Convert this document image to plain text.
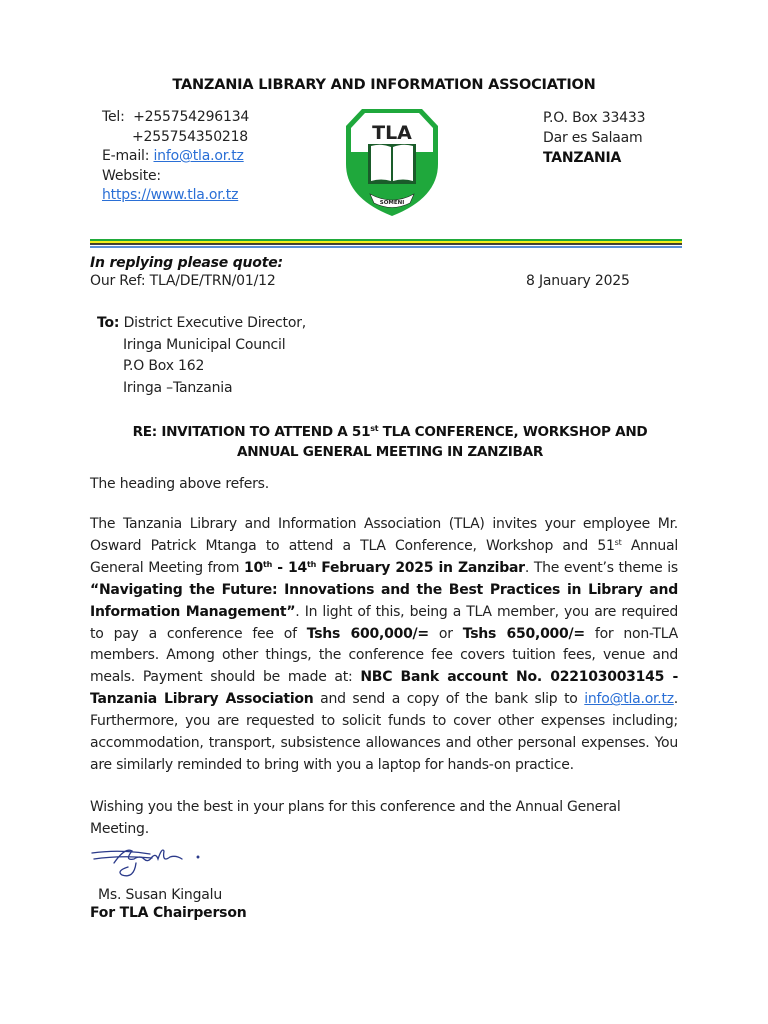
TANZANIA LIBRARY AND INFORMATION ASSOCIATION
Tel: +255754296134
+255754350218
E-mail: info@tla.or.tz
Website:
https://www.tla.or.tz
TLA
SOMENI
P.O. Box 33433
Dar es Salaam
TANZANIA
In replying please quote:
Our Ref: TLA/DE/TRN/01/12	8 January 2025
To: District Executive Director,
Iringa Municipal Council
P.O Box 162
Iringa –Tanzania
RE: INVITATION TO ATTEND A 51st TLA CONFERENCE, WORKSHOP AND ANNUAL GENERAL MEETING IN ZANZIBAR
The heading above refers.
The Tanzania Library and Information Association (TLA) invites your employee Mr. Osward Patrick Mtanga to attend a TLA Conference, Workshop and 51st Annual General Meeting from 10th - 14th February 2025 in Zanzibar. The event’s theme is “Navigating the Future: Innovations and the Best Practices in Library and Information Management”. In light of this, being a TLA member, you are required to pay a conference fee of Tshs 600,000/= or Tshs 650,000/= for non-TLA members. Among other things, the conference fee covers tuition fees, venue and meals. Payment should be made at: NBC Bank account No. 022103003145 - Tanzania Library Association and send a copy of the bank slip to info@tla.or.tz. Furthermore, you are requested to solicit funds to cover other expenses including; accommodation, transport, subsistence allowances and other personal expenses. You are similarly reminded to bring with you a laptop for hands-on practice.
Wishing you the best in your plans for this conference and the Annual General Meeting.
Ms. Susan Kingalu
For TLA Chairperson
